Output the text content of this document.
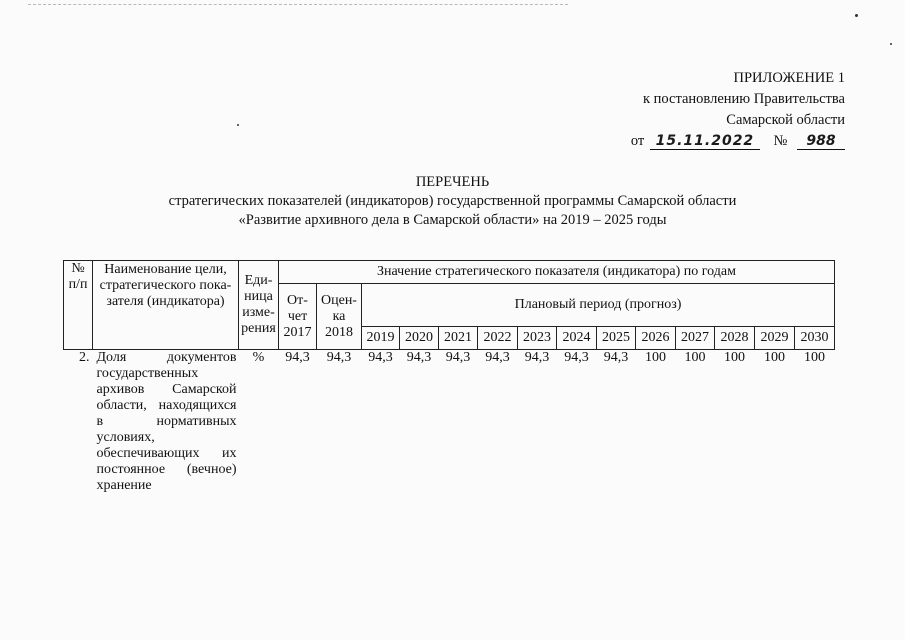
ПРИЛОЖЕНИЕ 1
к постановлению Правительства
Самарской области
от 15.11.2022 № 988
ПЕРЕЧЕНЬ
стратегических показателей (индикаторов) государственной программы Самарской области
«Развитие архивного дела в Самарской области» на 2019 – 2025 годы
№ п/п	Наименование цели, стратегического пока-зателя (индикатора)	Еди-ница изме-рения	Значение стратегического показателя (индикатора) по годам													
			От-чет 2017	Оцен-ка 2018	Плановый период (прогноз)											
					2019	2020	2021	2022	2023	2024	2025	2026	2027	2028	2029	2030
2.	Доля документов государственных архивов Самарской области, находящихся в нормативных условиях, обеспечивающих их постоянное (вечное) хранение	%	94,3	94,3	94,3	94,3	94,3	94,3	94,3	94,3	94,3	100	100	100	100	100
